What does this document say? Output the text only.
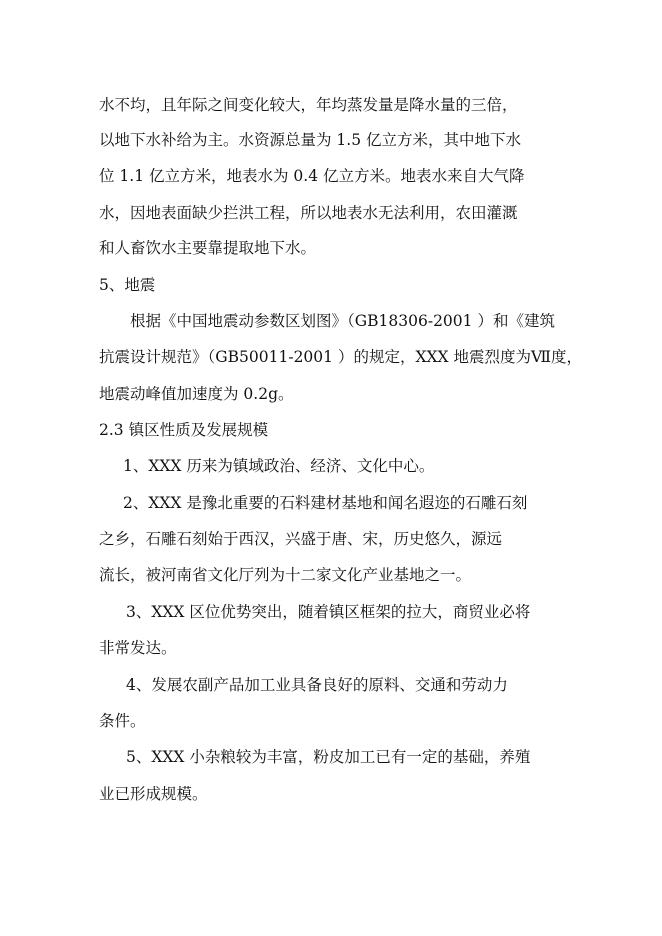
水不均，且年际之间变化较大，年均蒸发量是降水量的三倍，
以地下水补给为主。水资源总量为 1.5 亿立方米，其中地下水
位 1.1 亿立方米，地表水为 0.4 亿立方米。地表水来自大气降
水，因地表面缺少拦洪工程，所以地表水无法利用，农田灌溉
和人畜饮水主要靠提取地下水。
5、地震
根据《中国地震动参数区划图》（GB18306-2001 ）和《建筑
抗震设计规范》（GB50011-2001 ）的规定，XXX 地震烈度为Ⅶ度，
地震动峰值加速度为 0.2g。
2.3 镇区性质及发展规模
1、XXX 历来为镇域政治、经济、文化中心。
2、XXX 是豫北重要的石料建材基地和闻名遐迩的石雕石刻
之乡，石雕石刻始于西汉，兴盛于唐、宋，历史悠久，源远
流长，被河南省文化厅列为十二家文化产业基地之一。
3、XXX 区位优势突出，随着镇区框架的拉大，商贸业必将
非常发达。
4、发展农副产品加工业具备良好的原料、交通和劳动力
条件。
5、XXX 小杂粮较为丰富，粉皮加工已有一定的基础，养殖
业已形成规模。
